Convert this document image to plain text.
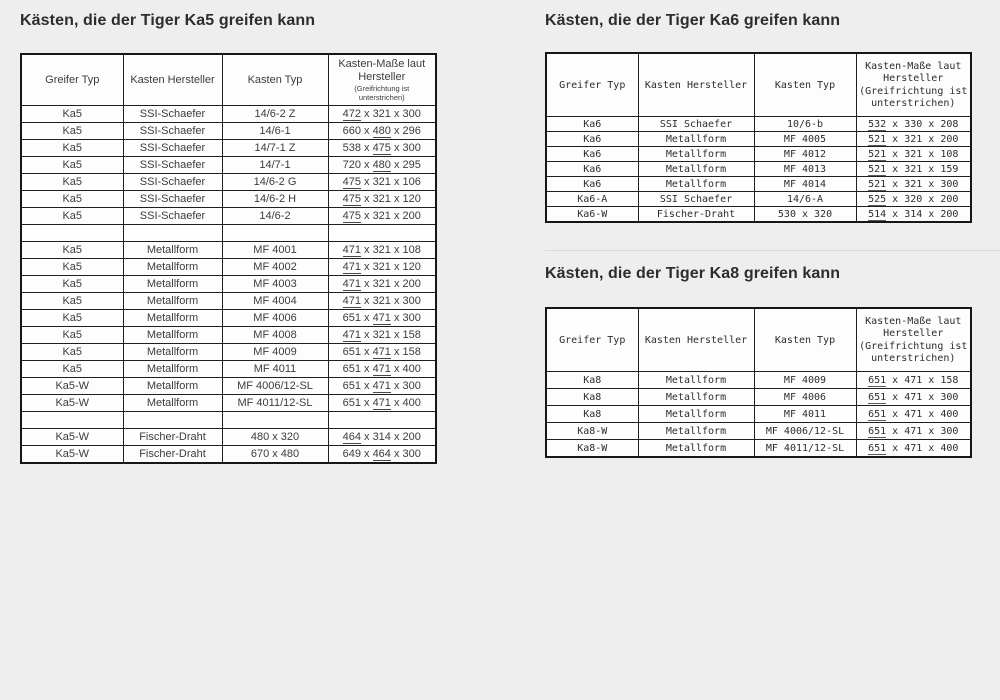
Kästen, die der Tiger Ka5 greifen kann
Greifer Typ	Kasten Hersteller	Kasten Typ	Kasten-Maße laut Hersteller
(Greifrichtung ist unterstrichen)

Ka5	SSI-Schaefer	14/6-2 Z	472 x 321 x 300
Ka5	SSI-Schaefer	14/6-1	660 x 480 x 296
Ka5	SSI-Schaefer	14/7-1 Z	538 x 475 x 300
Ka5	SSI-Schaefer	14/7-1	720 x 480 x 295
Ka5	SSI-Schaefer	14/6-2 G	475 x 321 x 106
Ka5	SSI-Schaefer	14/6-2 H	475 x 321 x 120
Ka5	SSI-Schaefer	14/6-2	475 x 321 x 200

Ka5	Metallform	MF 4001	471 x 321 x 108
Ka5	Metallform	MF 4002	471 x 321 x 120
Ka5	Metallform	MF 4003	471 x 321 x 200
Ka5	Metallform	MF 4004	471 x 321 x 300
Ka5	Metallform	MF 4006	651 x 471 x 300
Ka5	Metallform	MF 4008	471 x 321 x 158
Ka5	Metallform	MF 4009	651 x 471 x 158
Ka5	Metallform	MF 4011	651 x 471 x 400
Ka5-W	Metallform	MF 4006/12-SL	651 x 471 x 300
Ka5-W	Metallform	MF 4011/12-SL	651 x 471 x 400

Ka5-W	Fischer-Draht	480 x 320	464 x 314 x 200
Ka5-W	Fischer-Draht	670 x 480	649 x 464 x 300
Kästen, die der Tiger Ka6 greifen kann
Greifer Typ	Kasten Hersteller	Kasten Typ	Kasten-Maße laut Hersteller
(Greifrichtung ist unterstrichen)

Ka6	SSI Schaefer	10/6-b	532 x 330 x 208
Ka6	Metallform	MF 4005	521 x 321 x 200
Ka6	Metallform	MF 4012	521 x 321 x 108
Ka6	Metallform	MF 4013	521 x 321 x 159
Ka6	Metallform	MF 4014	521 x 321 x 300
Ka6-A	SSI Schaefer	14/6-A	525 x 320 x 200
Ka6-W	Fischer-Draht	530 x 320	514 x 314 x 200
Kästen, die der Tiger Ka8 greifen kann
Greifer Typ	Kasten Hersteller	Kasten Typ	Kasten-Maße laut Hersteller
(Greifrichtung ist unterstrichen)

Ka8	Metallform	MF 4009	651 x 471 x 158
Ka8	Metallform	MF 4006	651 x 471 x 300
Ka8	Metallform	MF 4011	651 x 471 x 400
Ka8-W	Metallform	MF 4006/12-SL	651 x 471 x 300
Ka8-W	Metallform	MF 4011/12-SL	651 x 471 x 400
